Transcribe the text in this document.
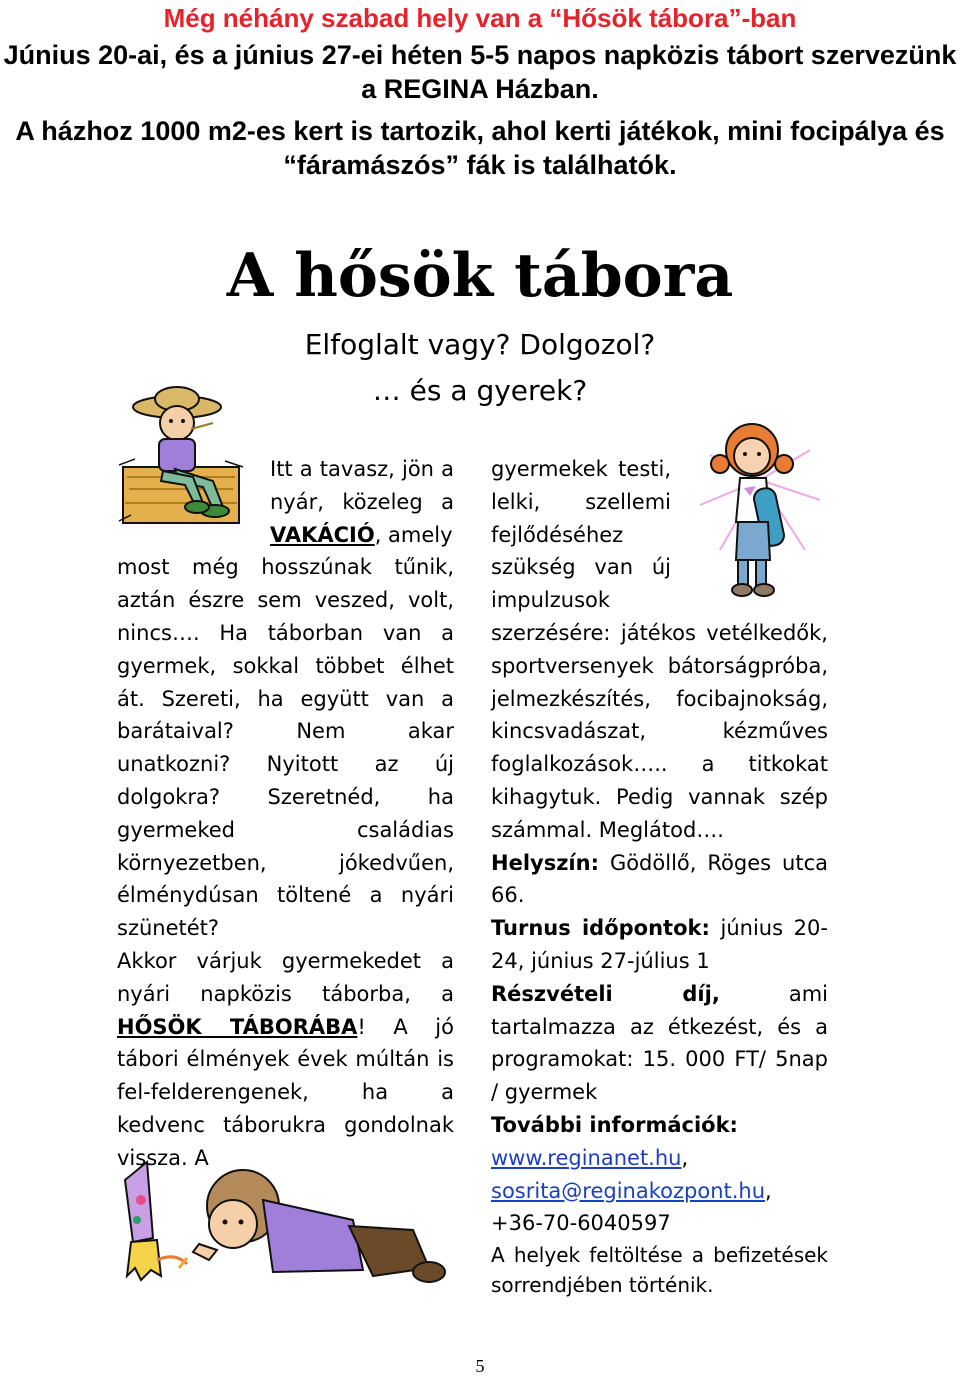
Még néhány szabad hely van a “Hősök tábora”-ban
Június 20-ai, és a június 27-ei héten 5-5 napos napközis tábort szervezünk a REGINA Házban.
A házhoz 1000 m2-es kert is tartozik, ahol kerti játékok, mini focipálya és “fáramászós” fák is találhatók.
A hősök tábora
Elfoglalt vagy? Dolgozol?
… és a gyerek?

Itt a tavasz, jön a nyár, közeleg a VAKÁCIÓ, amely

most még hosszúnak tűnik, aztán észre sem veszed, volt, nincs…. Ha táborban van a gyermek, sokkal többet élhet át. Szereti, ha együtt van a barátaival? Nem akar unatkozni? Nyitott az új dolgokra? Szeretnéd, ha gyermeked családias környezetben, jókedvűen, élménydúsan töltené a nyári szünetét?

Akkor várjuk gyermekedet a nyári napközis táborba, a HŐSÖK TÁBORÁBA! A jó tábori élmények évek múltán is fel-felderengenek, ha a kedvenc táborukra gondolnak vissza. A

gyermekek testi, lelki, szellemi fejlődéséhez szükség van új impulzusok

szerzésére: játékos vetélkedők, sportversenyek bátorságpróba, jelmezkészítés, focibajnokság, kincsvadászat, kézműves foglalkozások….. a titkokat kihagytuk. Pedig vannak szép számmal. Meglátod….

Helyszín: Gödöllő, Röges utca 66.

Turnus időpontok: június 20-24, június 27-július 1

Részvételi díj, ami tartalmazza az étkezést, és a programokat: 15. 000 FT/ 5nap / gyermek

További információk:

www.reginanet.hu,

sosrita@reginakozpont.hu,

+36-70-6040597

A helyek feltöltése a befizetések sorrendjében történik.

5
